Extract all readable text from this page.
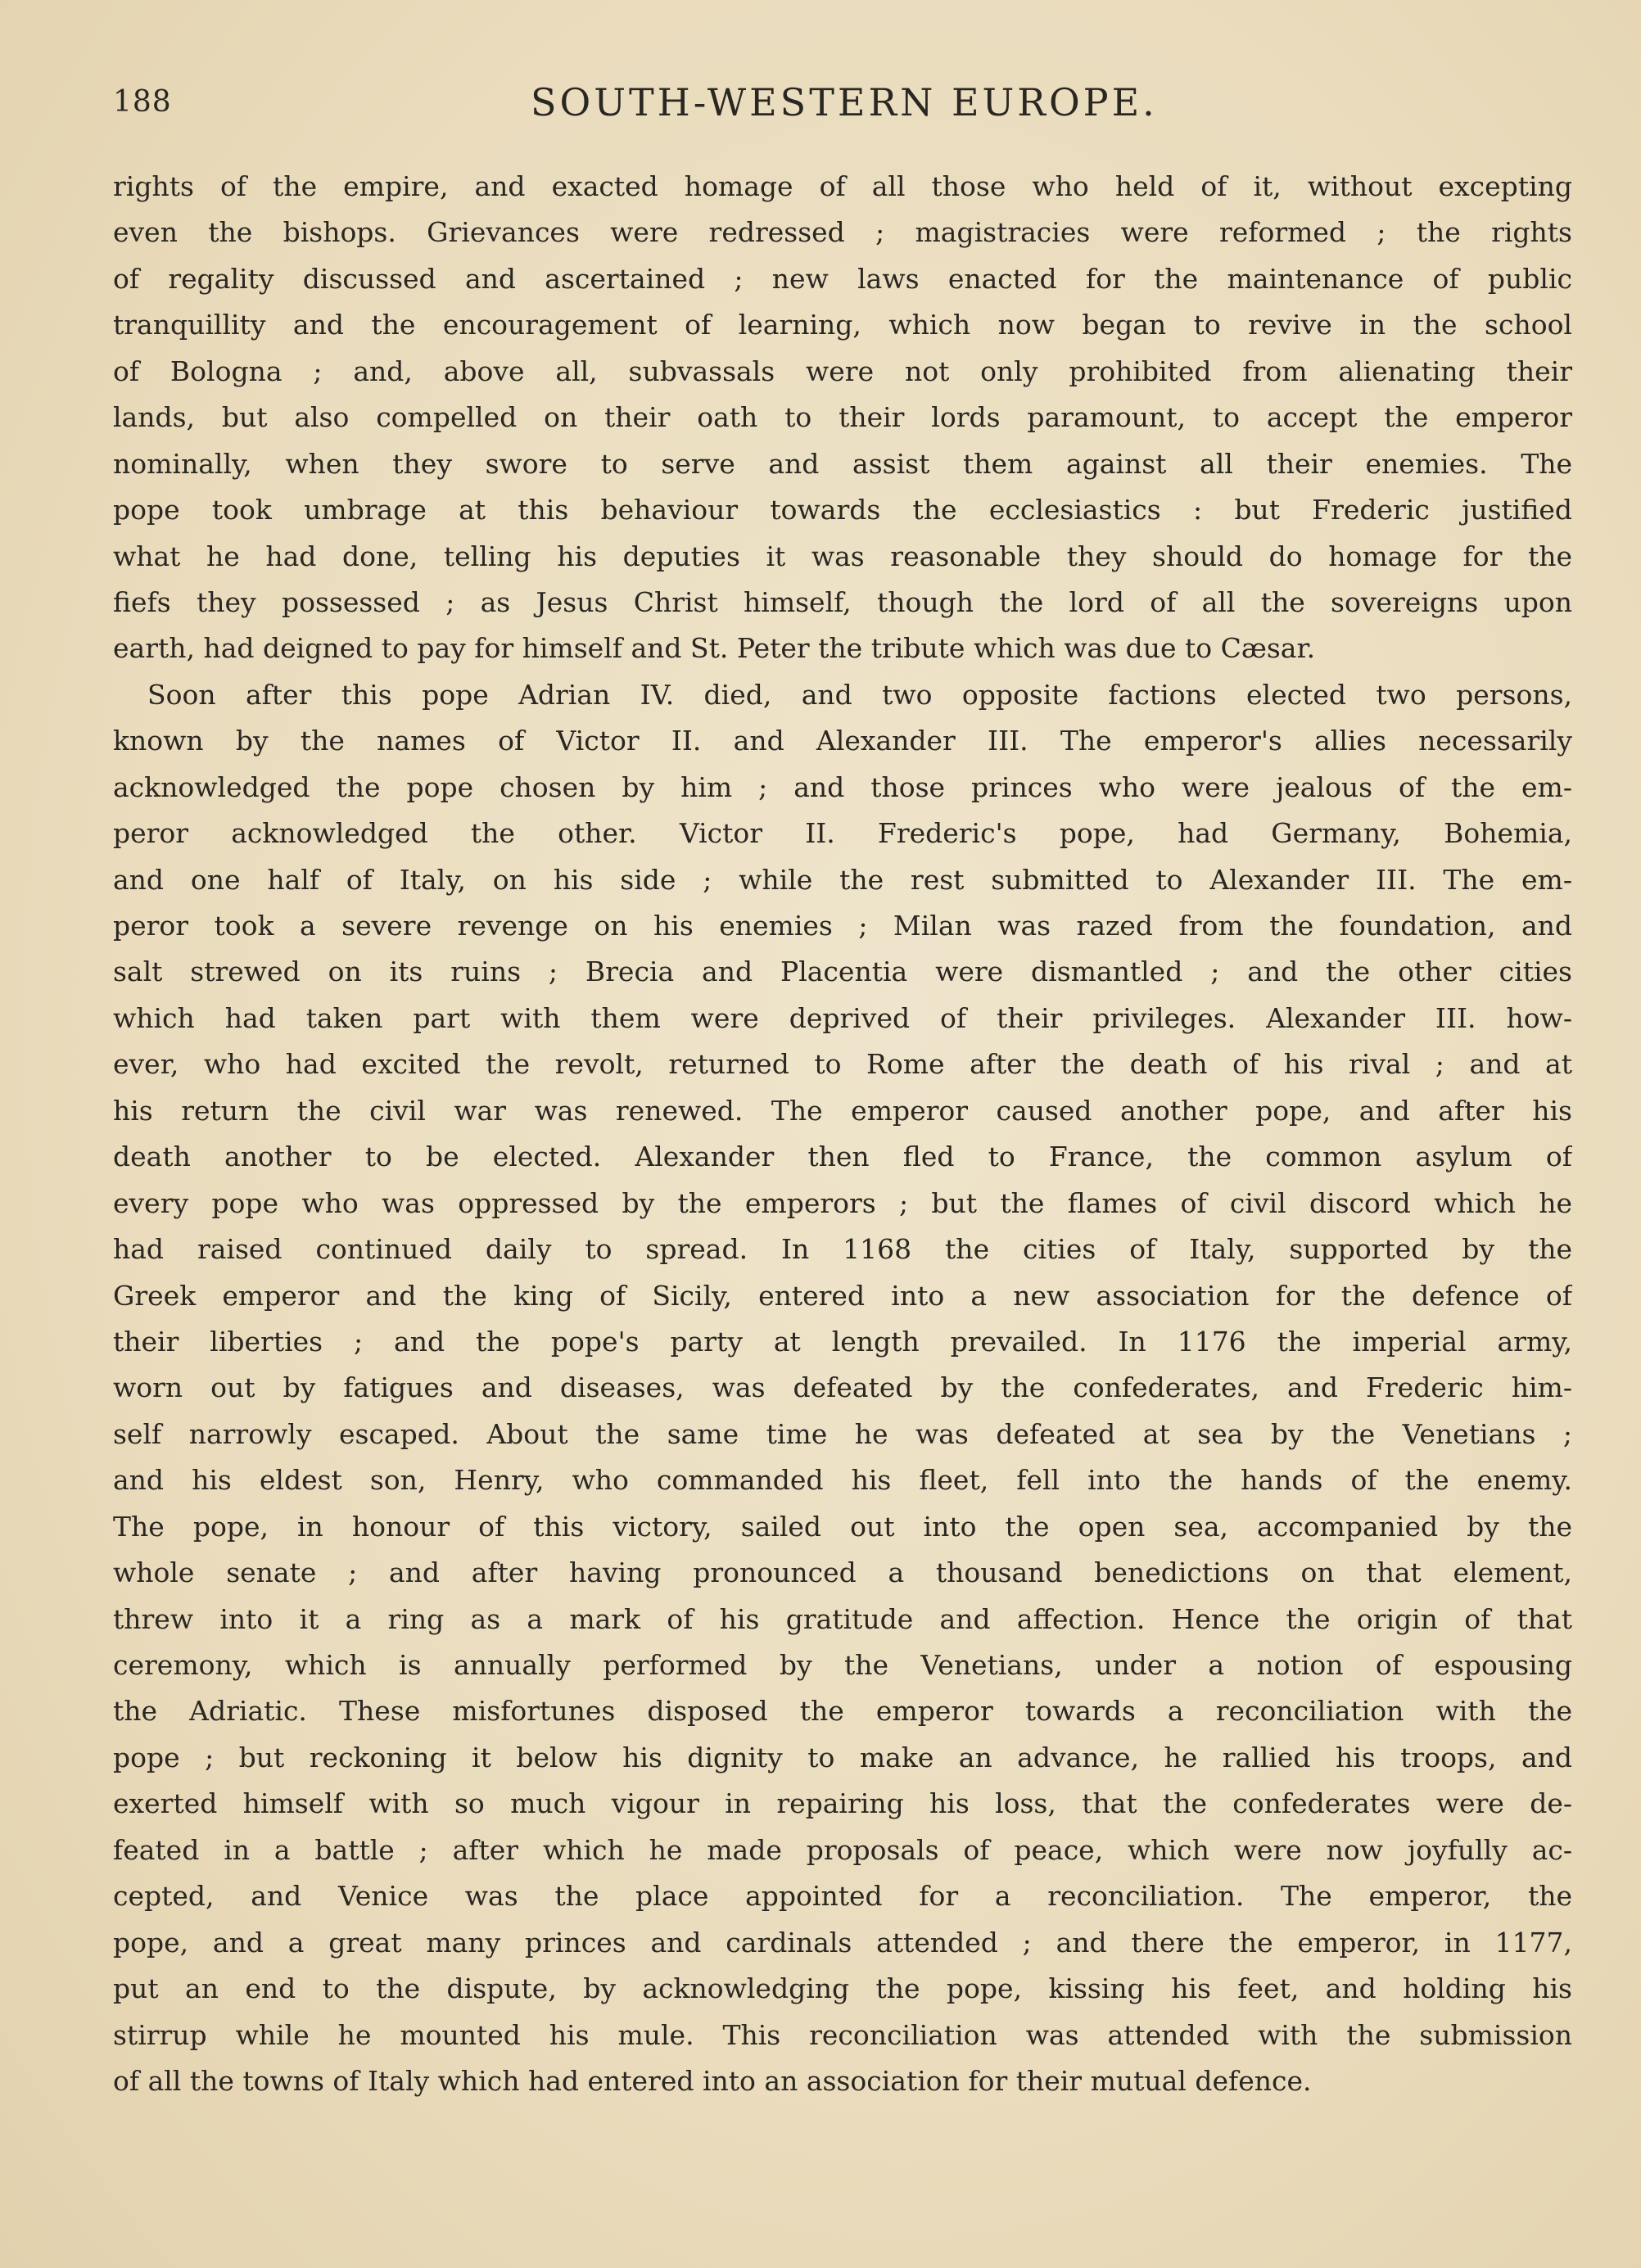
188	SOUTH-WESTERN EUROPE.
rights of the empire, and exacted homage of all those who held of it, without excepting
even the bishops. Grievances were redressed ; magistracies were reformed ; the rights
of regality discussed and ascertained ; new laws enacted for the maintenance of public
tranquillity and the encouragement of learning, which now began to revive in the school
of Bologna ; and, above all, subvassals were not only prohibited from alienating their
lands, but also compelled on their oath to their lords paramount, to accept the emperor
nominally, when they swore to serve and assist them against all their enemies. The
pope took umbrage at this behaviour towards the ecclesiastics : but Frederic justified
what he had done, telling his deputies it was reasonable they should do homage for the
fiefs they possessed ; as Jesus Christ himself, though the lord of all the sovereigns upon
earth, had deigned to pay for himself and St. Peter the tribute which was due to Cæsar.
Soon after this pope Adrian IV. died, and two opposite factions elected two persons,
known by the names of Victor II. and Alexander III. The emperor's allies necessarily
acknowledged the pope chosen by him ; and those princes who were jealous of the em-
peror acknowledged the other. Victor II. Frederic's pope, had Germany, Bohemia,
and one half of Italy, on his side ; while the rest submitted to Alexander III. The em-
peror took a severe revenge on his enemies ; Milan was razed from the foundation, and
salt strewed on its ruins ; Brecia and Placentia were dismantled ; and the other cities
which had taken part with them were deprived of their privileges. Alexander III. how-
ever, who had excited the revolt, returned to Rome after the death of his rival ; and at
his return the civil war was renewed. The emperor caused another pope, and after his
death another to be elected. Alexander then fled to France, the common asylum of
every pope who was oppressed by the emperors ; but the flames of civil discord which he
had raised continued daily to spread. In 1168 the cities of Italy, supported by the
Greek emperor and the king of Sicily, entered into a new association for the defence of
their liberties ; and the pope's party at length prevailed. In 1176 the imperial army,
worn out by fatigues and diseases, was defeated by the confederates, and Frederic him-
self narrowly escaped. About the same time he was defeated at sea by the Venetians ;
and his eldest son, Henry, who commanded his fleet, fell into the hands of the enemy.
The pope, in honour of this victory, sailed out into the open sea, accompanied by the
whole senate ; and after having pronounced a thousand benedictions on that element,
threw into it a ring as a mark of his gratitude and affection. Hence the origin of that
ceremony, which is annually performed by the Venetians, under a notion of espousing
the Adriatic. These misfortunes disposed the emperor towards a reconciliation with the
pope ; but reckoning it below his dignity to make an advance, he rallied his troops, and
exerted himself with so much vigour in repairing his loss, that the confederates were de-
feated in a battle ; after which he made proposals of peace, which were now joyfully ac-
cepted, and Venice was the place appointed for a reconciliation. The emperor, the
pope, and a great many princes and cardinals attended ; and there the emperor, in 1177,
put an end to the dispute, by acknowledging the pope, kissing his feet, and holding his
stirrup while he mounted his mule. This reconciliation was attended with the submission
of all the towns of Italy which had entered into an association for their mutual defence.
